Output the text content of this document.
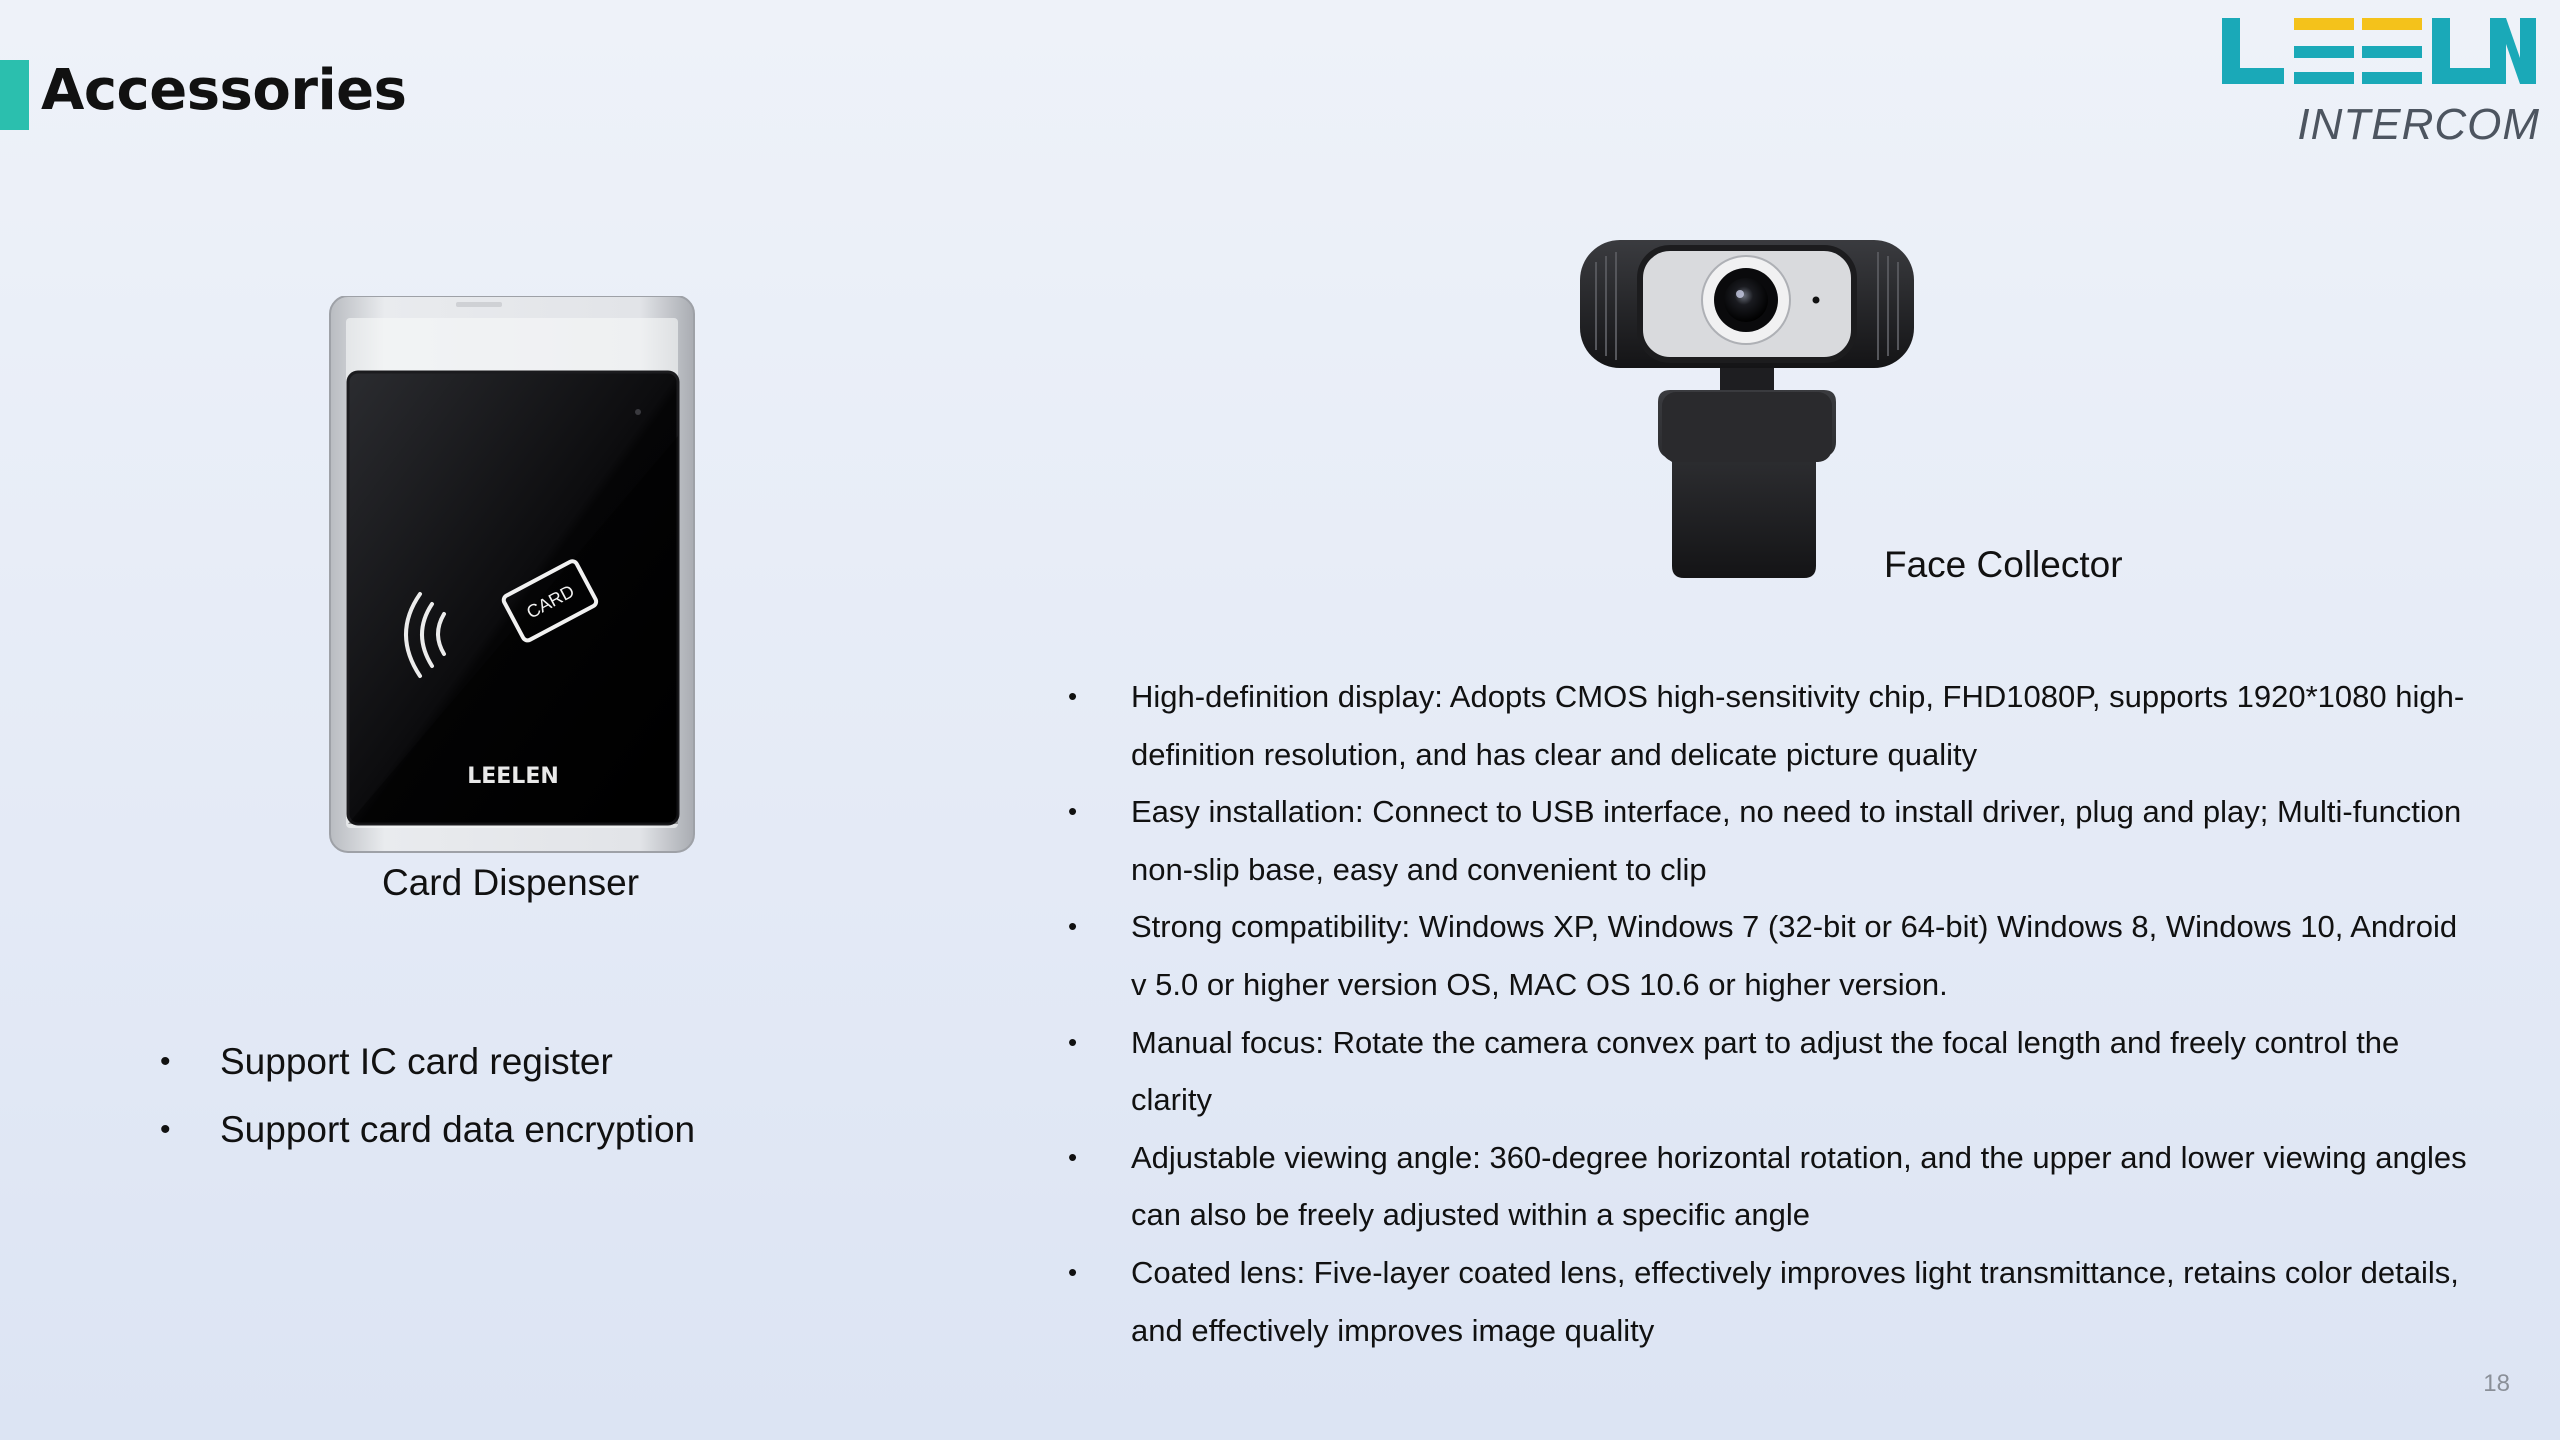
Accessories
INTERCOM
CARD
LEELEN
Card Dispenser
• Support IC card register
• Support card data encryption
Face Collector
• High-definition display: Adopts CMOS high-sensitivity chip, FHD1080P, supports 1920*1080 high-definition resolution, and has clear and delicate picture quality
• Easy installation: Connect to USB interface, no need to install driver, plug and play; Multi-function non-slip base, easy and convenient to clip
• Strong compatibility: Windows XP, Windows 7 (32-bit or 64-bit) Windows 8, Windows 10, Android v 5.0 or higher version OS, MAC OS 10.6 or higher version.
• Manual focus: Rotate the camera convex part to adjust the focal length and freely control the clarity
• Adjustable viewing angle: 360-degree horizontal rotation, and the upper and lower viewing angles can also be freely adjusted within a specific angle
• Coated lens: Five-layer coated lens, effectively improves light transmittance, retains color details, and effectively improves image quality
18
